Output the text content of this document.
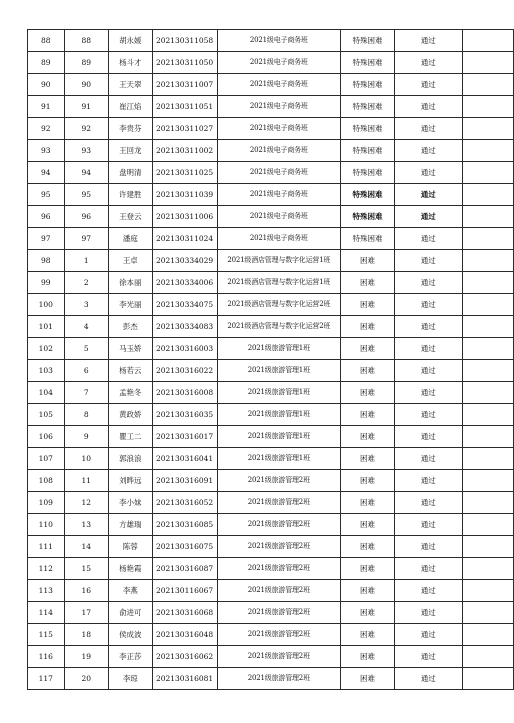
88	88	胡永媛	202130311058	2021级电子商务班	特殊困难	通过	
89	89	杨斗才	202130311050	2021级电子商务班	特殊困难	通过	
90	90	王天翠	202130311007	2021级电子商务班	特殊困难	通过	
91	91	崔江焰	202130311051	2021级电子商务班	特殊困难	通过	
92	92	李贵芬	202130311027	2021级电子商务班	特殊困难	通过	
93	93	王回龙	202130311002	2021级电子商务班	特殊困难	通过	
94	94	盘明清	202130311025	2021级电子商务班	特殊困难	通过	
95	95	许建胜	202130311039	2021级电子商务班	特殊困难	通过	
96	96	王登云	202130311006	2021级电子商务班	特殊困难	通过	
97	97	潘庭	202130311024	2021级电子商务班	特殊困难	通过	
98	1	王卓	202130334029	2021级酒店管理与数字化运营1班	困难	通过	
99	2	徐本丽	202130334006	2021级酒店管理与数字化运营1班	困难	通过	
100	3	李光丽	202130334075	2021级酒店管理与数字化运营2班	困难	通过	
101	4	彭杰	202130334083	2021级酒店管理与数字化运营2班	困难	通过	
102	5	马玉娇	202130316003	2021级旅游管理1班	困难	通过	
103	6	杨若云	202130316022	2021级旅游管理1班	困难	通过	
104	7	孟艳冬	202130316008	2021级旅游管理1班	困难	通过	
105	8	黄政娇	202130316035	2021级旅游管理1班	困难	通过	
106	9	瞿工二	202130316017	2021级旅游管理1班	困难	通过	
107	10	郭浪浪	202130316041	2021级旅游管理1班	困难	通过	
108	11	刘晔远	202130316091	2021级旅游管理2班	困难	通过	
109	12	李小妹	202130316052	2021级旅游管理2班	困难	通过	
110	13	方雄瑞	202130316085	2021级旅游管理2班	困难	通过	
111	14	陈蓉	202130316075	2021级旅游管理2班	困难	通过	
112	15	杨艳霞	202130316087	2021级旅游管理2班	困难	通过	
113	16	李燕	202130116067	2021级旅游管理2班	困难	通过	
114	17	俞进可	202130316068	2021级旅游管理2班	困难	通过	
115	18	侯成波	202130316048	2021级旅游管理2班	困难	通过	
116	19	李正莎	202130316062	2021级旅游管理2班	困难	通过	
117	20	李琼	202130316081	2021级旅游管理2班	困难	通过	
